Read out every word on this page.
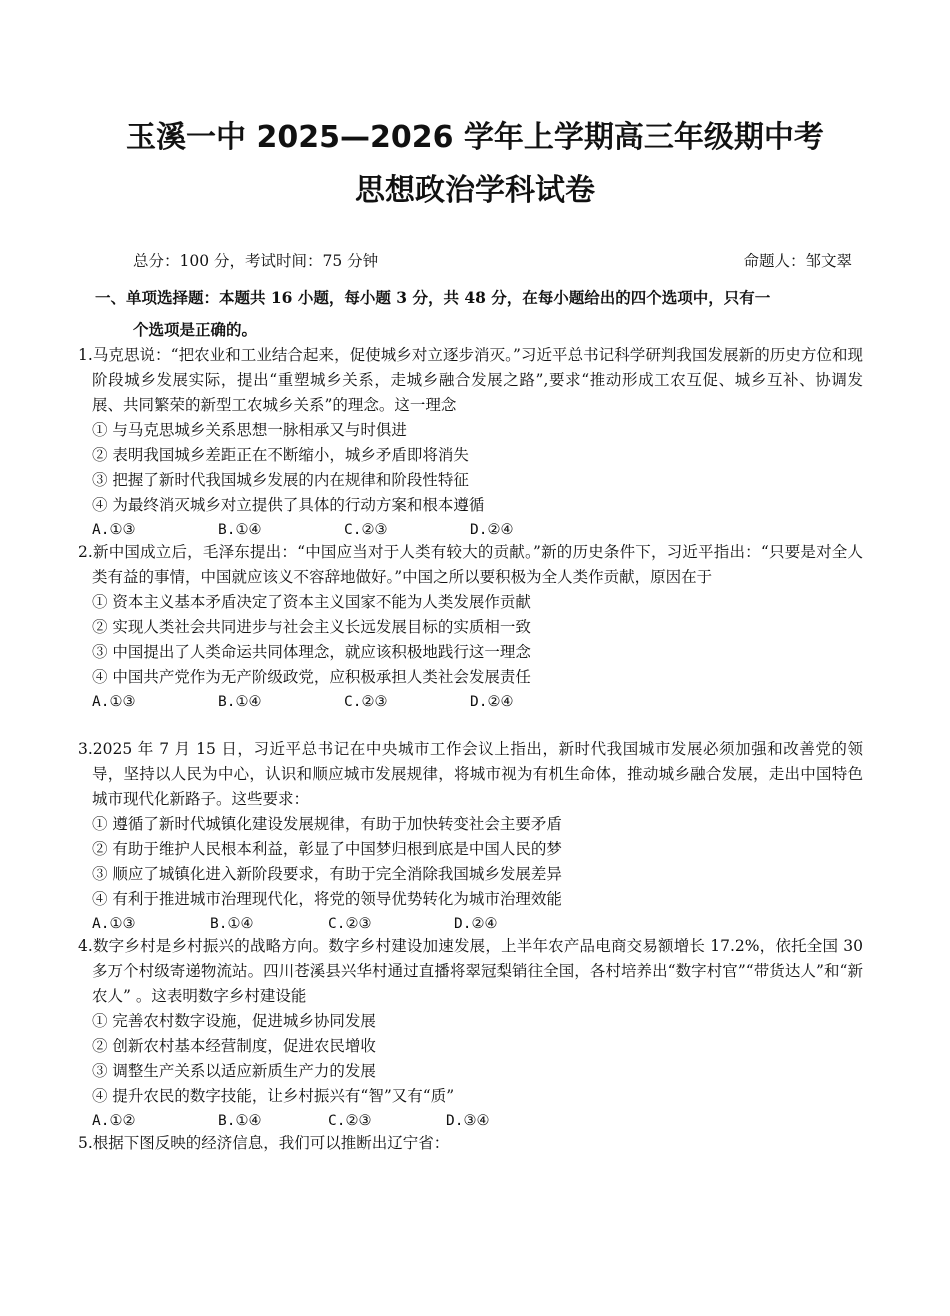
玉溪一中 2025—2026 学年上学期高三年级期中考
思想政治学科试卷
总分：100 分，考试时间：75 分钟	命题人：邹文翠
一、单项选择题：本题共 16 小题，每小题 3 分，共 48 分，在每小题给出的四个选项中，只有一
个选项是正确的。
1.马克思说：“把农业和工业结合起来，促使城乡对立逐步消灭。”习近平总书记科学研判我国发展新的历史方位和现阶段城乡发展实际，提出“重塑城乡关系，走城乡融合发展之路”,要求“推动形成工农互促、城乡互补、协调发展、共同繁荣的新型工农城乡关系”的理念。这一理念
① 与马克思城乡关系思想一脉相承又与时俱进
② 表明我国城乡差距正在不断缩小，城乡矛盾即将消失
③ 把握了新时代我国城乡发展的内在规律和阶段性特征
④ 为最终消灭城乡对立提供了具体的行动方案和根本遵循
A.①③	B.①④	C.②③	D.②④
2.新中国成立后，毛泽东提出：“中国应当对于人类有较大的贡献。”新的历史条件下，习近平指出：“只要是对全人类有益的事情，中国就应该义不容辞地做好。”中国之所以要积极为全人类作贡献，原因在于
① 资本主义基本矛盾决定了资本主义国家不能为人类发展作贡献
② 实现人类社会共同进步与社会主义长远发展目标的实质相一致
③ 中国提出了人类命运共同体理念，就应该积极地践行这一理念
④ 中国共产党作为无产阶级政党，应积极承担人类社会发展责任
A.①③	B.①④	C.②③	D.②④
3.2025 年 7 月 15 日，习近平总书记在中央城市工作会议上指出，新时代我国城市发展必须加强和改善党的领导，坚持以人民为中心，认识和顺应城市发展规律，将城市视为有机生命体，推动城乡融合发展，走出中国特色城市现代化新路子。这些要求：
① 遵循了新时代城镇化建设发展规律，有助于加快转变社会主要矛盾
② 有助于维护人民根本利益，彰显了中国梦归根到底是中国人民的梦
③ 顺应了城镇化进入新阶段要求，有助于完全消除我国城乡发展差异
④ 有利于推进城市治理现代化，将党的领导优势转化为城市治理效能
A.①③	B.①④	C.②③	D.②④
4.数字乡村是乡村振兴的战略方向。数字乡村建设加速发展，上半年农产品电商交易额增长 17.2%，依托全国 30 多万个村级寄递物流站。四川苍溪县兴华村通过直播将翠冠梨销往全国，各村培养出“数字村官”“带货达人”和“新农人” 。这表明数字乡村建设能
① 完善农村数字设施，促进城乡协同发展
② 创新农村基本经营制度，促进农民增收
③ 调整生产关系以适应新质生产力的发展
④ 提升农民的数字技能，让乡村振兴有“智”又有“质”
A.①②	B.①④	C.②③	D.③④
5.根据下图反映的经济信息，我们可以推断出辽宁省：
